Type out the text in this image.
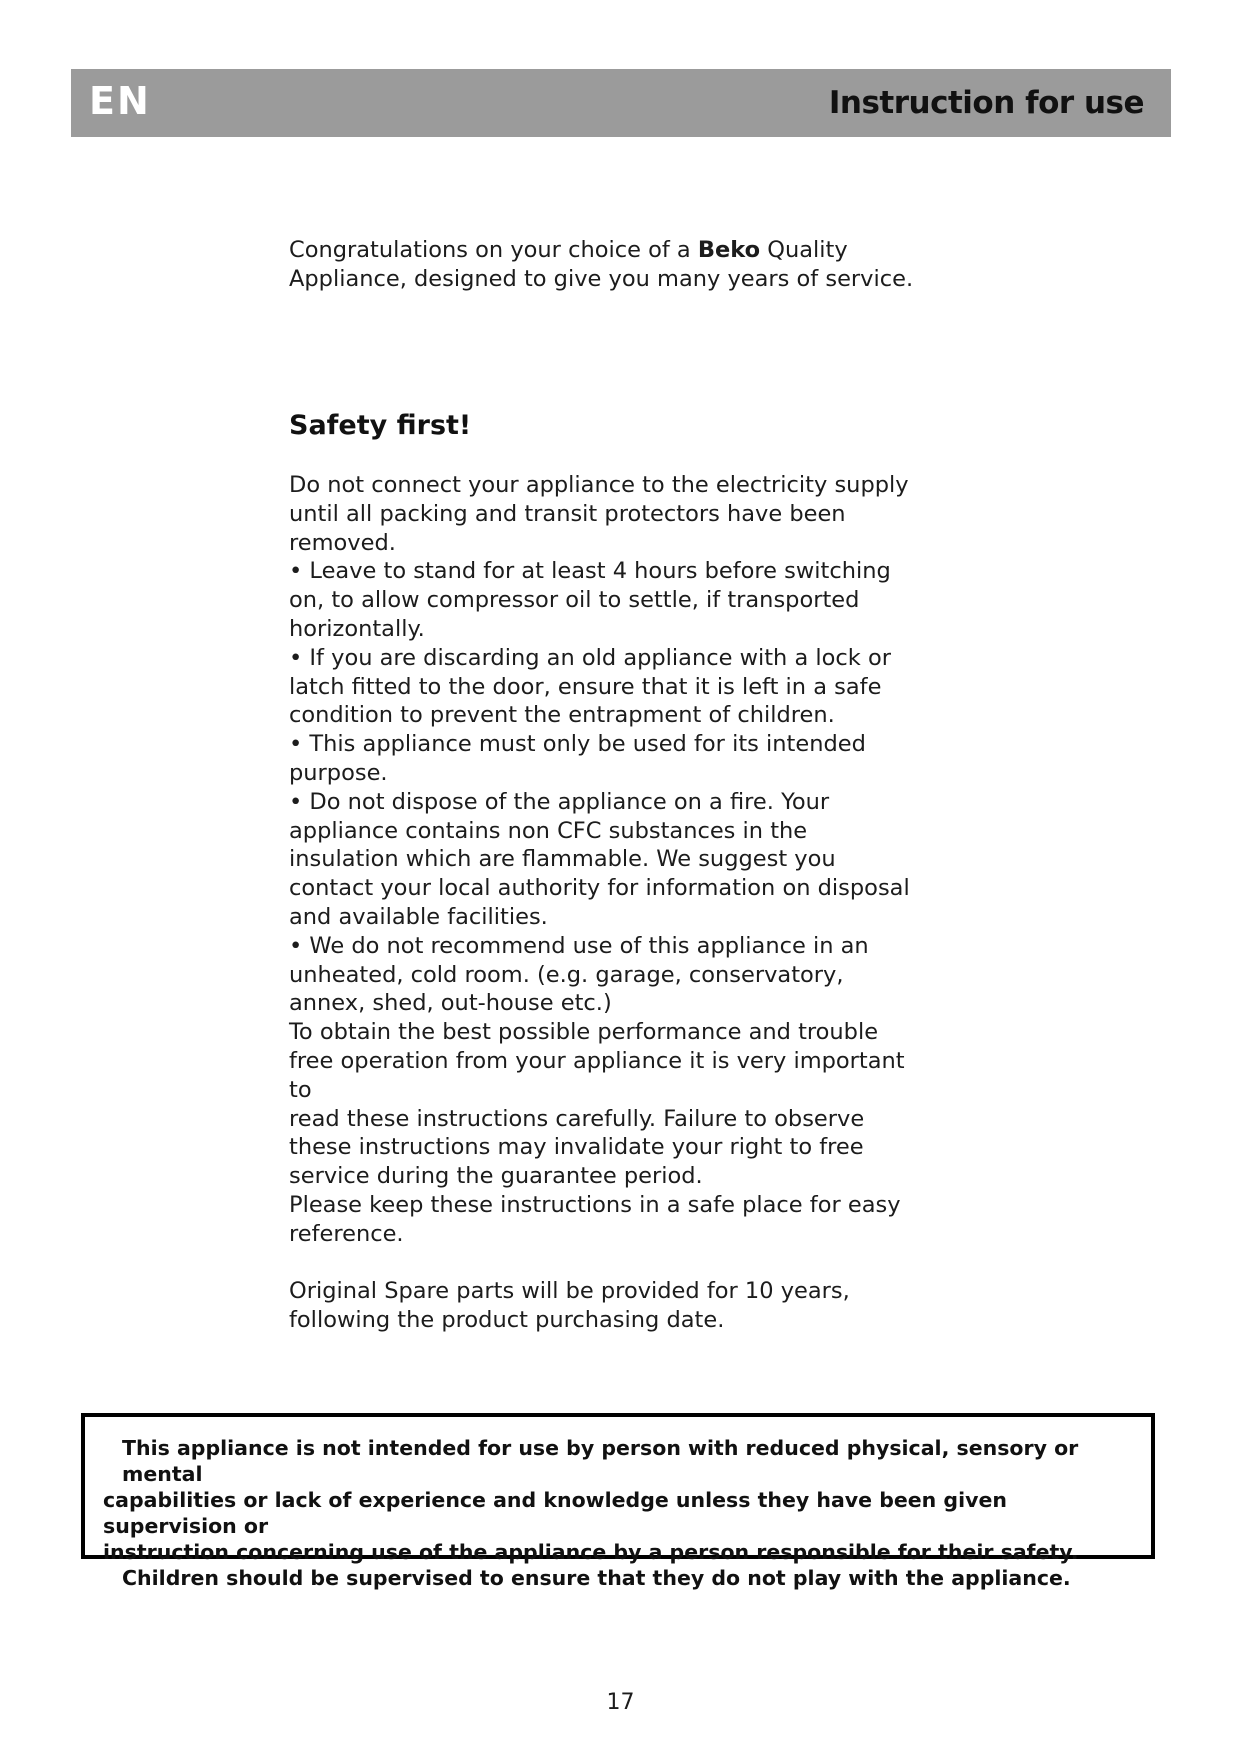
EN	Instruction for use

Congratulations on your choice of a Beko Quality

Appliance, designed to give you many years of service.

Safety first!

Do not connect your appliance to the electricity supply

until all packing and transit protectors have been

removed.

• Leave to stand for at least 4 hours before switching

on, to allow compressor oil to settle, if transported

horizontally.

• If you are discarding an old appliance with a lock or

latch fitted to the door, ensure that it is left in a safe

condition to prevent the entrapment of children.

• This appliance must only be used for its intended

purpose.

• Do not dispose of the appliance on a fire. Your

appliance contains non CFC substances in the

insulation which are flammable. We suggest you

contact your local authority for information on disposal

and available facilities.

• We do not recommend use of this appliance in an

unheated, cold room. (e.g. garage, conservatory,

annex, shed, out-house etc.)

To obtain the best possible performance and trouble

free operation from your appliance it is very important to

read these instructions carefully. Failure to observe

these instructions may invalidate your right to free

service during the guarantee period.

Please keep these instructions in a safe place for easy

reference.

Original Spare parts will be provided for 10 years,

following the product purchasing date.

This appliance is not intended for use by person with reduced physical, sensory or mental

capabilities or lack of experience and knowledge unless they have been given supervision or

instruction concerning use of the appliance by a person responsible for their safety.

Children should be supervised to ensure that they do not play with the appliance.

17
